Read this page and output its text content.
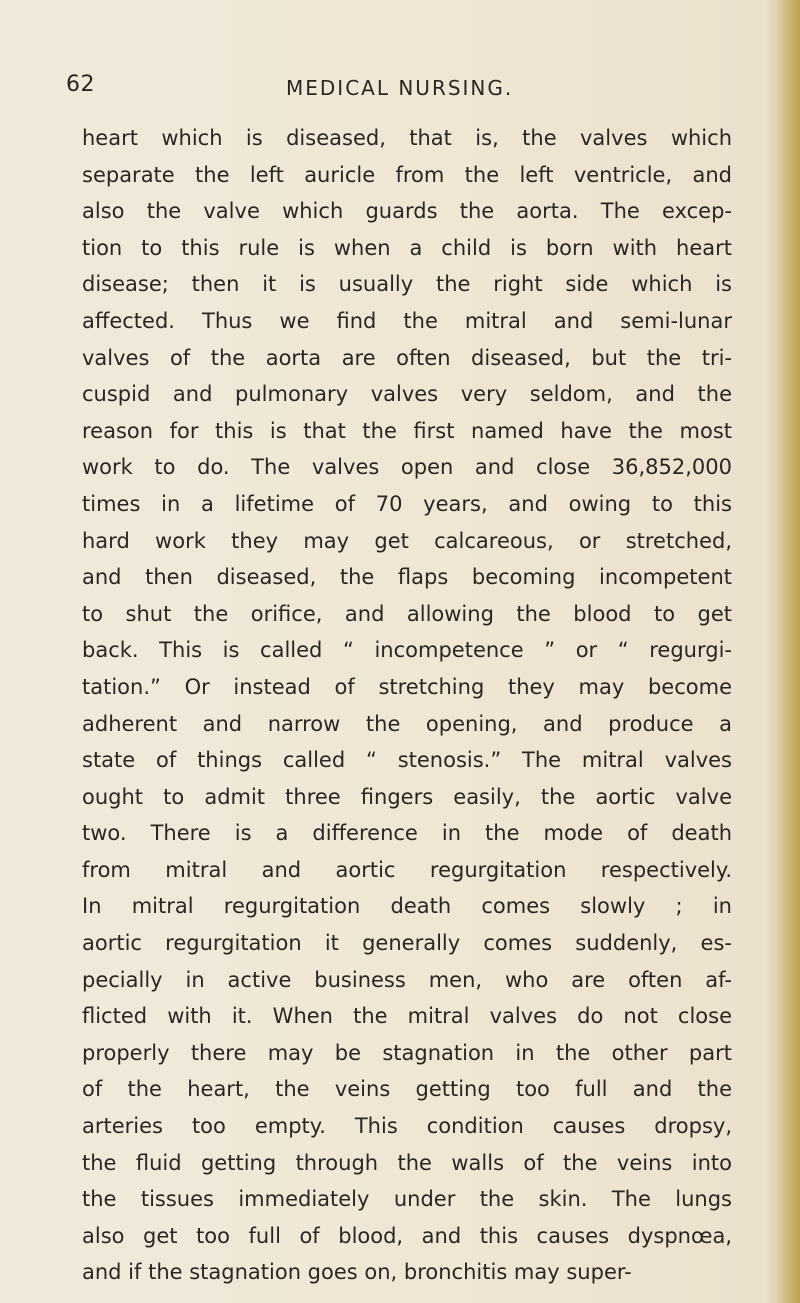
62	MEDICAL NURSING.
heart which is diseased, that is, the valves which
separate the left auricle from the left ventricle, and
also the valve which guards the aorta. The excep-
tion to this rule is when a child is born with heart
disease; then it is usually the right side which is
affected. Thus we find the mitral and semi-lunar
valves of the aorta are often diseased, but the tri-
cuspid and pulmonary valves very seldom, and the
reason for this is that the first named have the most
work to do. The valves open and close 36,852,000
times in a lifetime of 70 years, and owing to this
hard work they may get calcareous, or stretched,
and then diseased, the flaps becoming incompetent
to shut the orifice, and allowing the blood to get
back. This is called “ incompetence ” or “ regurgi-
tation.” Or instead of stretching they may become
adherent and narrow the opening, and produce a
state of things called “ stenosis.” The mitral valves
ought to admit three fingers easily, the aortic valve
two. There is a difference in the mode of death
from mitral and aortic regurgitation respectively.
In mitral regurgitation death comes slowly ; in
aortic regurgitation it generally comes suddenly, es-
pecially in active business men, who are often af-
flicted with it. When the mitral valves do not close
properly there may be stagnation in the other part
of the heart, the veins getting too full and the
arteries too empty. This condition causes dropsy,
the fluid getting through the walls of the veins into
the tissues immediately under the skin. The lungs
also get too full of blood, and this causes dyspnœa,
and if the stagnation goes on, bronchitis may super-
